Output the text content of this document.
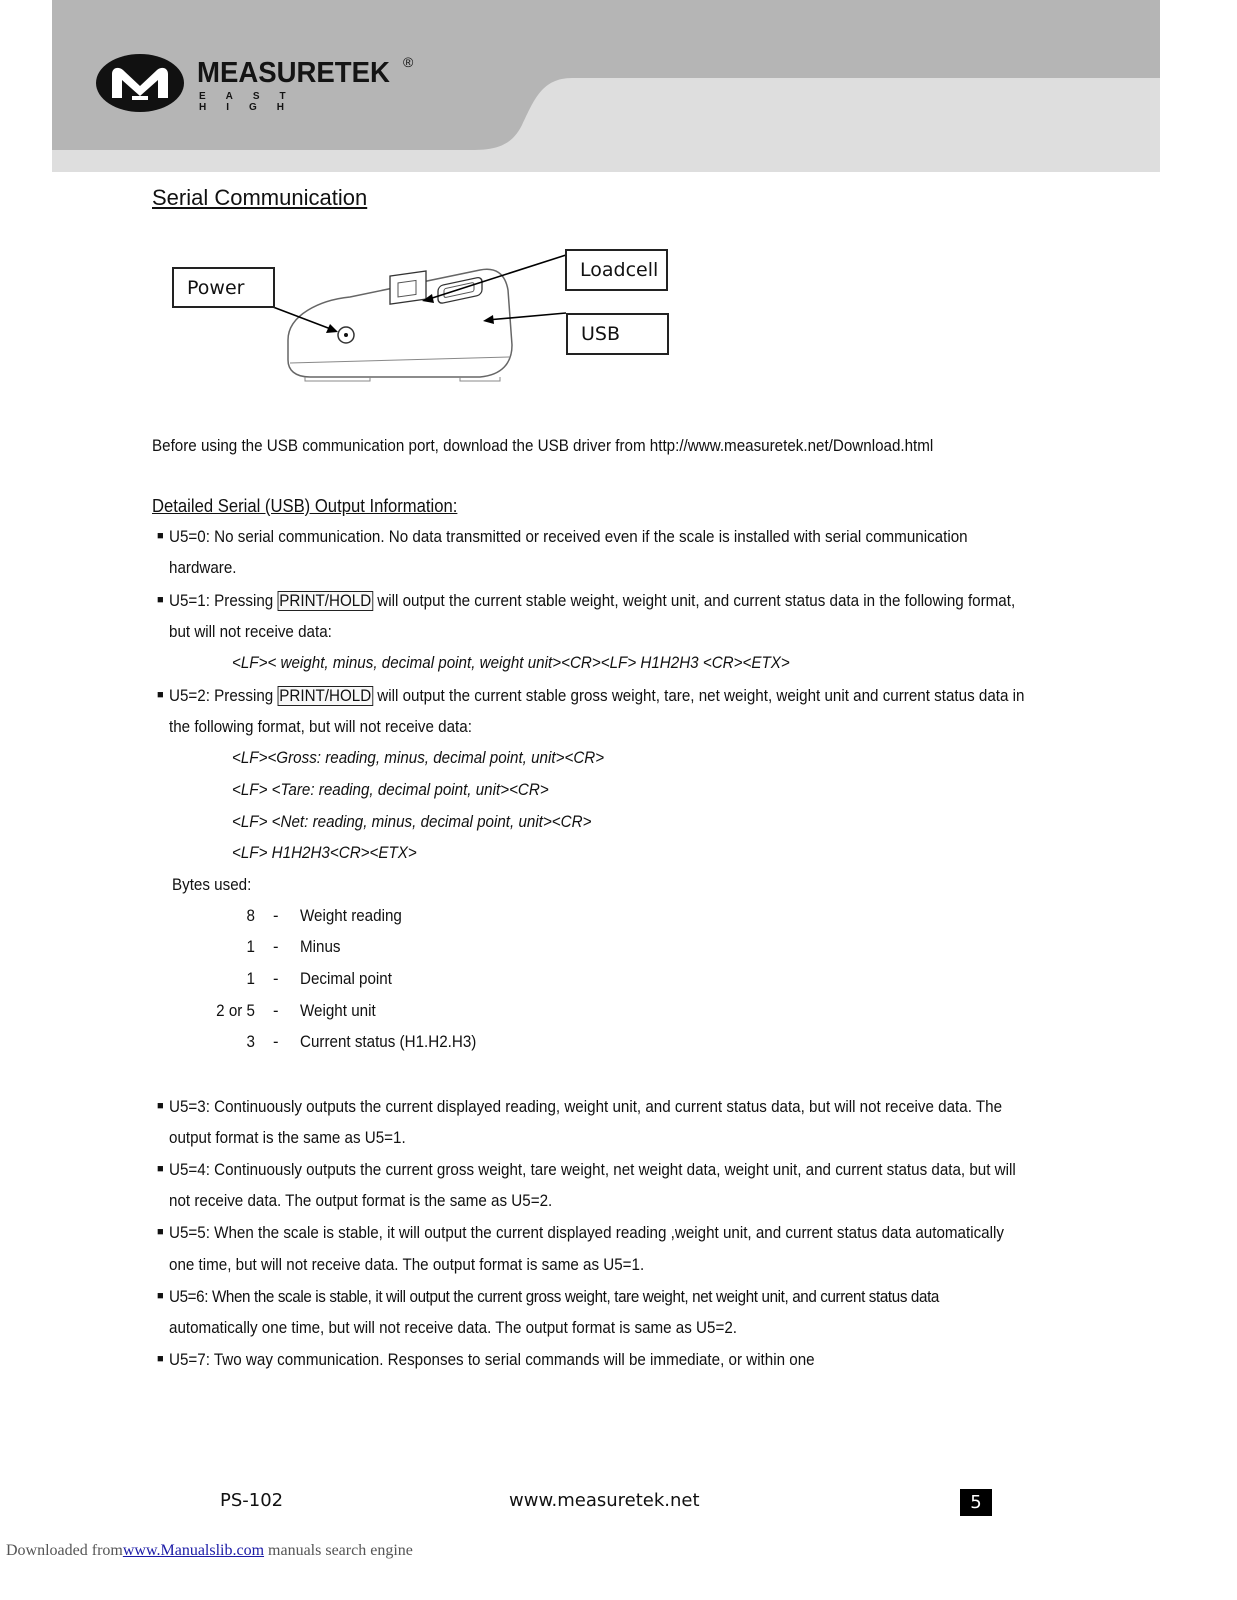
MEASURETEK ®
EAST HIGH
Serial Communication
Power
Loadcell
USB
Before using the USB communication port, download the USB driver from http://www.measuretek.net/Download.html
Detailed Serial (USB) Output Information:
■ U5=0: No serial communication. No data transmitted or received even if the scale is installed with serial communication
hardware.
■ U5=1: Pressing PRINT/HOLD will output the current stable weight, weight unit, and current status data in the following format,
but will not receive data:
<LF>< weight, minus, decimal point, weight unit><CR><LF> H1H2H3 <CR><ETX>
■ U5=2: Pressing PRINT/HOLD will output the current stable gross weight, tare, net weight, weight unit and current status data in
the following format, but will not receive data:
<LF><Gross: reading, minus, decimal point, unit><CR>
<LF> <Tare: reading, decimal point, unit><CR>
<LF> <Net: reading, minus, decimal point, unit><CR>
<LF> H1H2H3<CR><ETX>
Bytes used:
8 - Weight reading
1 - Minus
1 - Decimal point
2 or 5 - Weight unit
3 - Current status (H1.H2.H3)
■ U5=3: Continuously outputs the current displayed reading, weight unit, and current status data, but will not receive data. The
output format is the same as U5=1.
■ U5=4: Continuously outputs the current gross weight, tare weight, net weight data, weight unit, and current status data, but will
not receive data. The output format is the same as U5=2.
■ U5=5: When the scale is stable, it will output the current displayed reading ,weight unit, and current status data automatically
one time, but will not receive data. The output format is same as U5=1.
■ U5=6: When the scale is stable, it will output the current gross weight, tare weight, net weight unit, and current status data
automatically one time, but will not receive data. The output format is same as U5=2.
■ U5=7: Two way communication. Responses to serial commands will be immediate, or within one
PS-102	www.measuretek.net	5
Downloaded fromwww.Manualslib.com manuals search engine
